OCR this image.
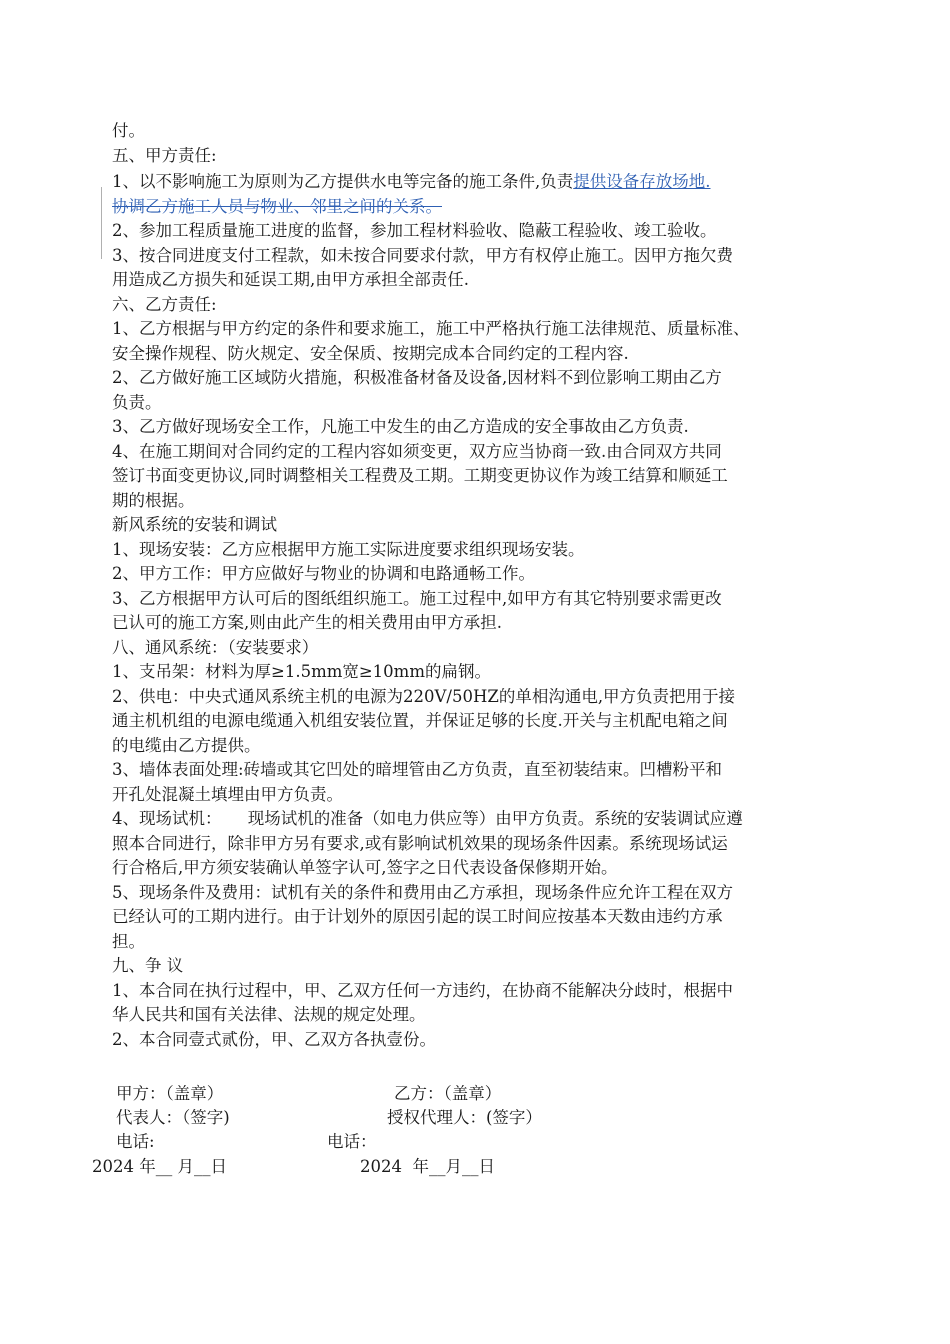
付。
五、甲方责任:
1、以不影响施工为原则为乙方提供水电等完备的施工条件,负责提供设备存放场地.
协调乙方施工人员与物业、邻里之间的关系。
2、参加工程质量施工进度的监督，参加工程材料验收、隐蔽工程验收、竣工验收。
3、按合同进度支付工程款，如未按合同要求付款，甲方有权停止施工。因甲方拖欠费
用造成乙方损失和延误工期,由甲方承担全部责任.
六、乙方责任:
1、乙方根据与甲方约定的条件和要求施工，施工中严格执行施工法律规范、质量标准、
安全操作规程、防火规定、安全保质、按期完成本合同约定的工程内容.
2、乙方做好施工区域防火措施，积极准备材备及设备,因材料不到位影响工期由乙方
负责。
3、乙方做好现场安全工作，凡施工中发生的由乙方造成的安全事故由乙方负责.
4、在施工期间对合同约定的工程内容如须变更，双方应当协商一致.由合同双方共同
签订书面变更协议,同时调整相关工程费及工期。工期变更协议作为竣工结算和顺延工
期的根据。
新风系统的安装和调试
1、现场安装：乙方应根据甲方施工实际进度要求组织现场安装。
2、甲方工作：甲方应做好与物业的协调和电路通畅工作。
3、乙方根据甲方认可后的图纸组织施工。施工过程中,如甲方有其它特别要求需更改
已认可的施工方案,则由此产生的相关费用由甲方承担.
八、通风系统：（安装要求）
1、支吊架：材料为厚≥1.5mm宽≥10mm的扁钢。
2、供电：中央式通风系统主机的电源为220V/50HZ的单相沟通电,甲方负责把用于接
通主机机组的电源电缆通入机组安装位置，并保证足够的长度.开关与主机配电箱之间
的电缆由乙方提供。
3、墙体表面处理:砖墙或其它凹处的暗埋管由乙方负责，直至初装结束。凹槽粉平和
开孔处混凝土填埋由甲方负责。
4、现场试机：     现场试机的准备（如电力供应等）由甲方负责。系统的安装调试应遵
照本合同进行，除非甲方另有要求,或有影响试机效果的现场条件因素。系统现场试运
行合格后,甲方须安装确认单签字认可,签字之日代表设备保修期开始。
5、现场条件及费用：试机有关的条件和费用由乙方承担，现场条件应允许工程在双方
已经认可的工期内进行。由于计划外的原因引起的误工时间应按基本天数由违约方承
担。
九、争 议
1、本合同在执行过程中，甲、乙双方任何一方违约，在协商不能解决分歧时，根据中
华人民共和国有关法律、法规的规定处理。
2、本合同壹式贰份，甲、乙双方各执壹份。
甲方：（盖章）	乙方：（盖章）
代表人：（签字)	授权代理人：(签字）
电话:	电话：
2024 年__ 月__日	2024  年__月__日
